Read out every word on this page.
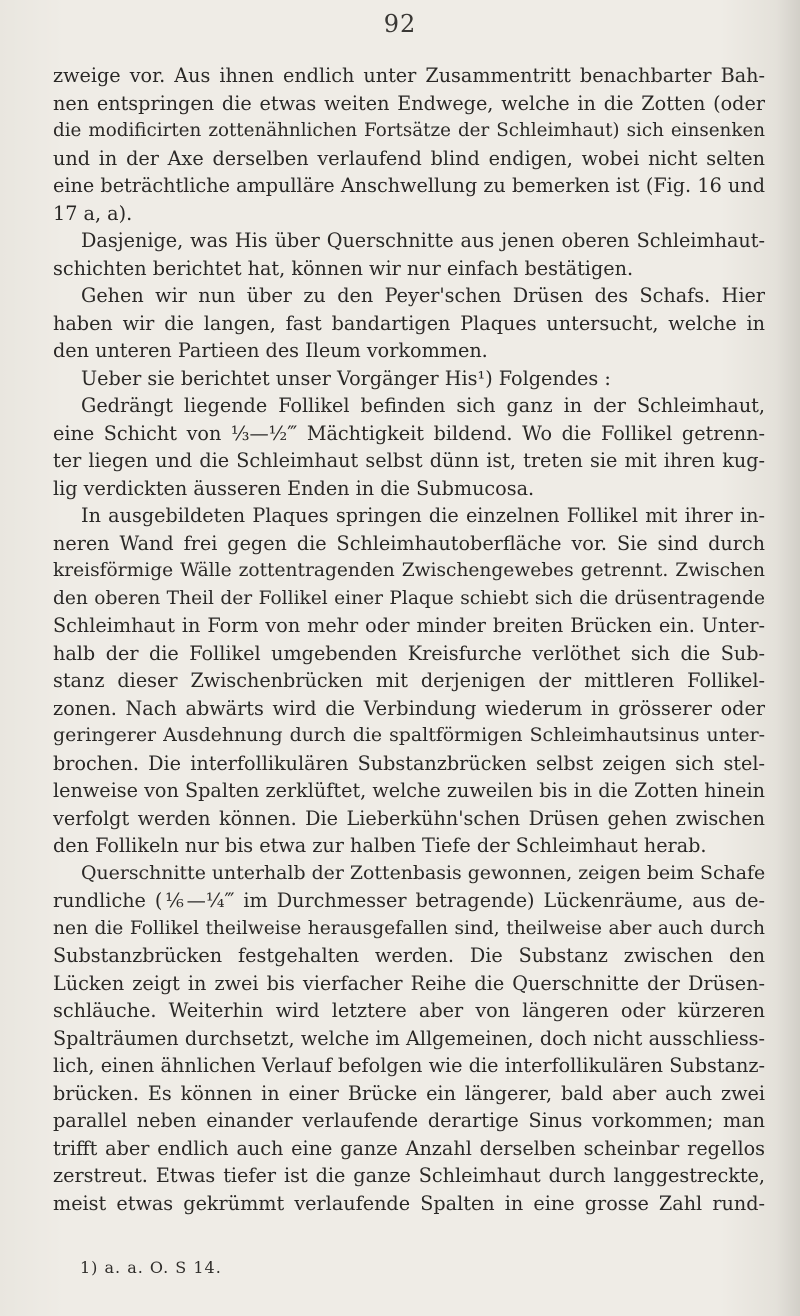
92
zweige vor. Aus ihnen endlich unter Zusammentritt benachbarter Bah-
nen entspringen die etwas weiten Endwege, welche in die Zotten (oder
die modificirten zottenähnlichen Fortsätze der Schleimhaut) sich einsenken
und in der Axe derselben verlaufend blind endigen, wobei nicht selten
eine beträchtliche ampulläre Anschwellung zu bemerken ist (Fig. 16 und
17 a, a).
Dasjenige, was His über Querschnitte aus jenen oberen Schleimhaut-
schichten berichtet hat, können wir nur einfach bestätigen.
Gehen wir nun über zu den Peyer'schen Drüsen des Schafs. Hier
haben wir die langen, fast bandartigen Plaques untersucht, welche in
den unteren Partieen des Ileum vorkommen.
Ueber sie berichtet unser Vorgänger His¹) Folgendes :
Gedrängt liegende Follikel befinden sich ganz in der Schleimhaut,
eine Schicht von ⅓—½‴ Mächtigkeit bildend. Wo die Follikel getrenn-
ter liegen und die Schleimhaut selbst dünn ist, treten sie mit ihren kug-
lig verdickten äusseren Enden in die Submucosa.
In ausgebildeten Plaques springen die einzelnen Follikel mit ihrer in-
neren Wand frei gegen die Schleimhautoberfläche vor. Sie sind durch
kreisförmige Wälle zottentragenden Zwischengewebes getrennt. Zwischen
den oberen Theil der Follikel einer Plaque schiebt sich die drüsentragende
Schleimhaut in Form von mehr oder minder breiten Brücken ein. Unter-
halb der die Follikel umgebenden Kreisfurche verlöthet sich die Sub-
stanz dieser Zwischenbrücken mit derjenigen der mittleren Follikel-
zonen. Nach abwärts wird die Verbindung wiederum in grösserer oder
geringerer Ausdehnung durch die spaltförmigen Schleimhautsinus unter-
brochen. Die interfollikulären Substanzbrücken selbst zeigen sich stel-
lenweise von Spalten zerklüftet, welche zuweilen bis in die Zotten hinein
verfolgt werden können. Die Lieberkühn'schen Drüsen gehen zwischen
den Follikeln nur bis etwa zur halben Tiefe der Schleimhaut herab.
Querschnitte unterhalb der Zottenbasis gewonnen, zeigen beim Schafe
rundliche (⅙—¼‴ im Durchmesser betragende) Lückenräume, aus de-
nen die Follikel theilweise herausgefallen sind, theilweise aber auch durch
Substanzbrücken festgehalten werden. Die Substanz zwischen den
Lücken zeigt in zwei bis vierfacher Reihe die Querschnitte der Drüsen-
schläuche. Weiterhin wird letztere aber von längeren oder kürzeren
Spalträumen durchsetzt, welche im Allgemeinen, doch nicht ausschliess-
lich, einen ähnlichen Verlauf befolgen wie die interfollikulären Substanz-
brücken. Es können in einer Brücke ein längerer, bald aber auch zwei
parallel neben einander verlaufende derartige Sinus vorkommen; man
trifft aber endlich auch eine ganze Anzahl derselben scheinbar regellos
zerstreut. Etwas tiefer ist die ganze Schleimhaut durch langgestreckte,
meist etwas gekrümmt verlaufende Spalten in eine grosse Zahl rund-
1) a. a. O. S 14.
